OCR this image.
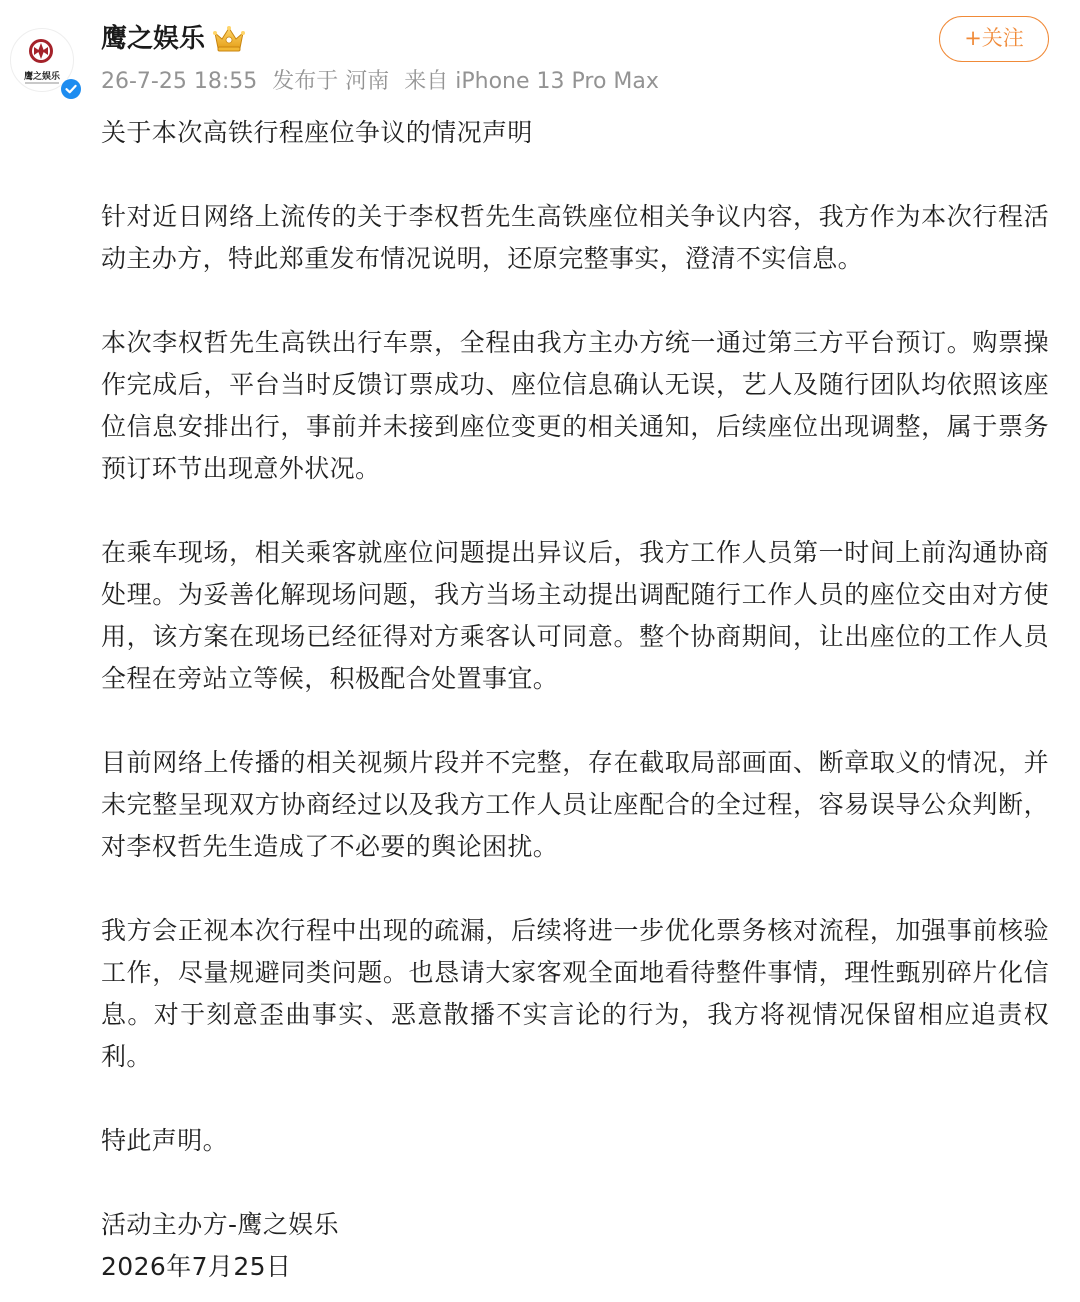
鹰之娱乐
鹰之娱乐
26-7-25 18:55 发布于 河南 来自 iPhone 13 Pro Max
+关注

关于本次高铁行程座位争议的情况声明

针对近日网络上流传的关于李权哲先生高铁座位相关争议内容，我方作为本次行程活动主办方，特此郑重发布情况说明，还原完整事实，澄清不实信息。

本次李权哲先生高铁出行车票，全程由我方主办方统一通过第三方平台预订。购票操作完成后，平台当时反馈订票成功、座位信息确认无误，艺人及随行团队均依照该座位信息安排出行，事前并未接到座位变更的相关通知，后续座位出现调整，属于票务预订环节出现意外状况。

在乘车现场，相关乘客就座位问题提出异议后，我方工作人员第一时间上前沟通协商处理。为妥善化解现场问题，我方当场主动提出调配随行工作人员的座位交由对方使用，该方案在现场已经征得对方乘客认可同意。整个协商期间，让出座位的工作人员全程在旁站立等候，积极配合处置事宜。

目前网络上传播的相关视频片段并不完整，存在截取局部画面、断章取义的情况，并未完整呈现双方协商经过以及我方工作人员让座配合的全过程，容易误导公众判断，对李权哲先生造成了不必要的舆论困扰。

我方会正视本次行程中出现的疏漏，后续将进一步优化票务核对流程，加强事前核验工作，尽量规避同类问题。也恳请大家客观全面地看待整件事情，理性甄别碎片化信息。对于刻意歪曲事实、恶意散播不实言论的行为，我方将视情况保留相应追责权利。

特此声明。

活动主办方-鹰之娱乐

2026年7月25日
